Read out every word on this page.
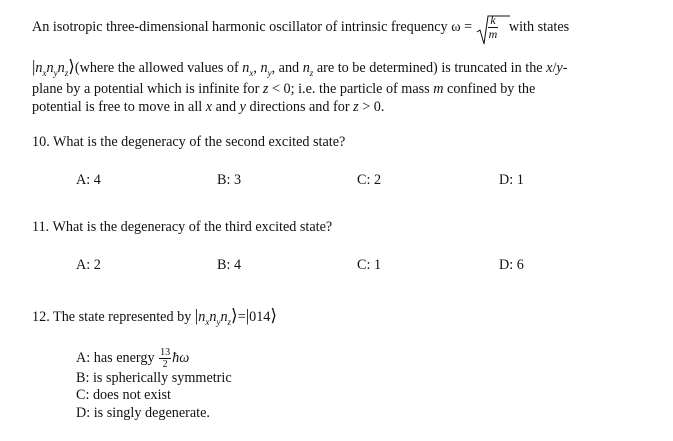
An isotropic three-dimensional harmonic oscillator of intrinsic frequency $\omega = \frac{k}{m}$ with states
$|n_xn_yn_z⟩(where$ the allowed values of $n_x$, $n_y$, and $n_z$ are to be determined) is truncated in the x/y-
plane by a potential which is infinite for z < 0; i.e. the particle of mass m confined by the
potential is free to move in all x and y directions and for z > 0.
10. What is the degeneracy of the second excited state?
A: 4	B: 3	C: 2	D: 1
11. What is the degeneracy of the third excited state?
A: 2	B: 4	C: 1	D: 6
12. The state represented by $|n_xn_yn_z⟩=|014⟩$
A: has energy $\frac{13}{2}$ ħω
B: is spherically symmetric
C: does not exist
D: is singly degenerate.
